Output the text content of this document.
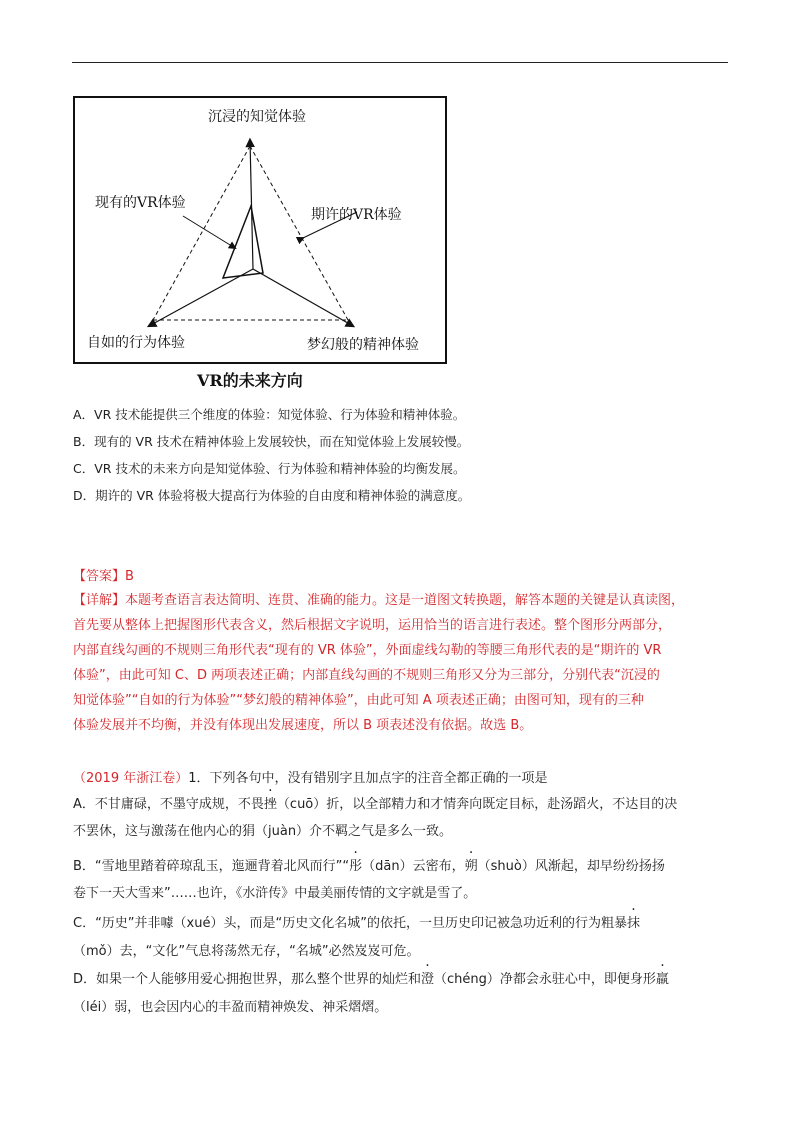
沉浸的知觉体验
现有的VR体验
期许的VR体验
自如的行为体验	梦幻般的精神体验
VR的未来方向
A．VR 技术能提供三个维度的体验：知觉体验、行为体验和精神体验。
B．现有的 VR 技术在精神体验上发展较快，而在知觉体验上发展较慢。
C．VR 技术的未来方向是知觉体验、行为体验和精神体验的均衡发展。
D．期许的 VR 体验将极大提高行为体验的自由度和精神体验的满意度。
【答案】B
【详解】本题考查语言表达简明、连贯、准确的能力。这是一道图文转换题，解答本题的关键是认真读图，
首先要从整体上把握图形代表含义，然后根据文字说明，运用恰当的语言进行表述。整个图形分两部分，
内部直线勾画的不规则三角形代表“现有的 VR 体验”，外面虚线勾勒的等腰三角形代表的是“期许的 VR
体验”，由此可知 C、D 两项表述正确；内部直线勾画的不规则三角形又分为三部分，分别代表“沉浸的
知觉体验”“自如的行为体验”“梦幻般的精神体验”，由此可知 A 项表述正确；由图可知，现有的三种
体验发展并不均衡，并没有体现出发展速度，所以 B 项表述没有依据。故选 B。
（2019 年浙江卷）1．下列各句中，没有错别字且加点字的注音全都正确的一项是
A．不甘庸碌，不墨守成规，不畏挫（cuō）折，以全部精力和才情奔向既定目标，赴汤蹈火，不达目的决
不罢休，这与激荡在他内心的狷（juàn）介不羁之气是多么一致。
B．“雪地里踏着碎琼乱玉，迤逦背着北风而行”“彤（dān）云密布，朔（shuò）风渐起，却早纷纷扬扬
卷下一天大雪来”……也许，《水浒传》中最美丽传情的文字就是雪了。
C．“历史”并非噱（xué）头，而是“历史文化名城”的依托，一旦历史印记被急功近利的行为粗暴抹
（mǒ）去，“文化”气息将荡然无存，“名城”必然岌岌可危。
D．如果一个人能够用爱心拥抱世界，那么整个世界的灿烂和澄（chéng）净都会永驻心中，即便身形羸
（léi）弱，也会因内心的丰盈而精神焕发、神采熠熠。
